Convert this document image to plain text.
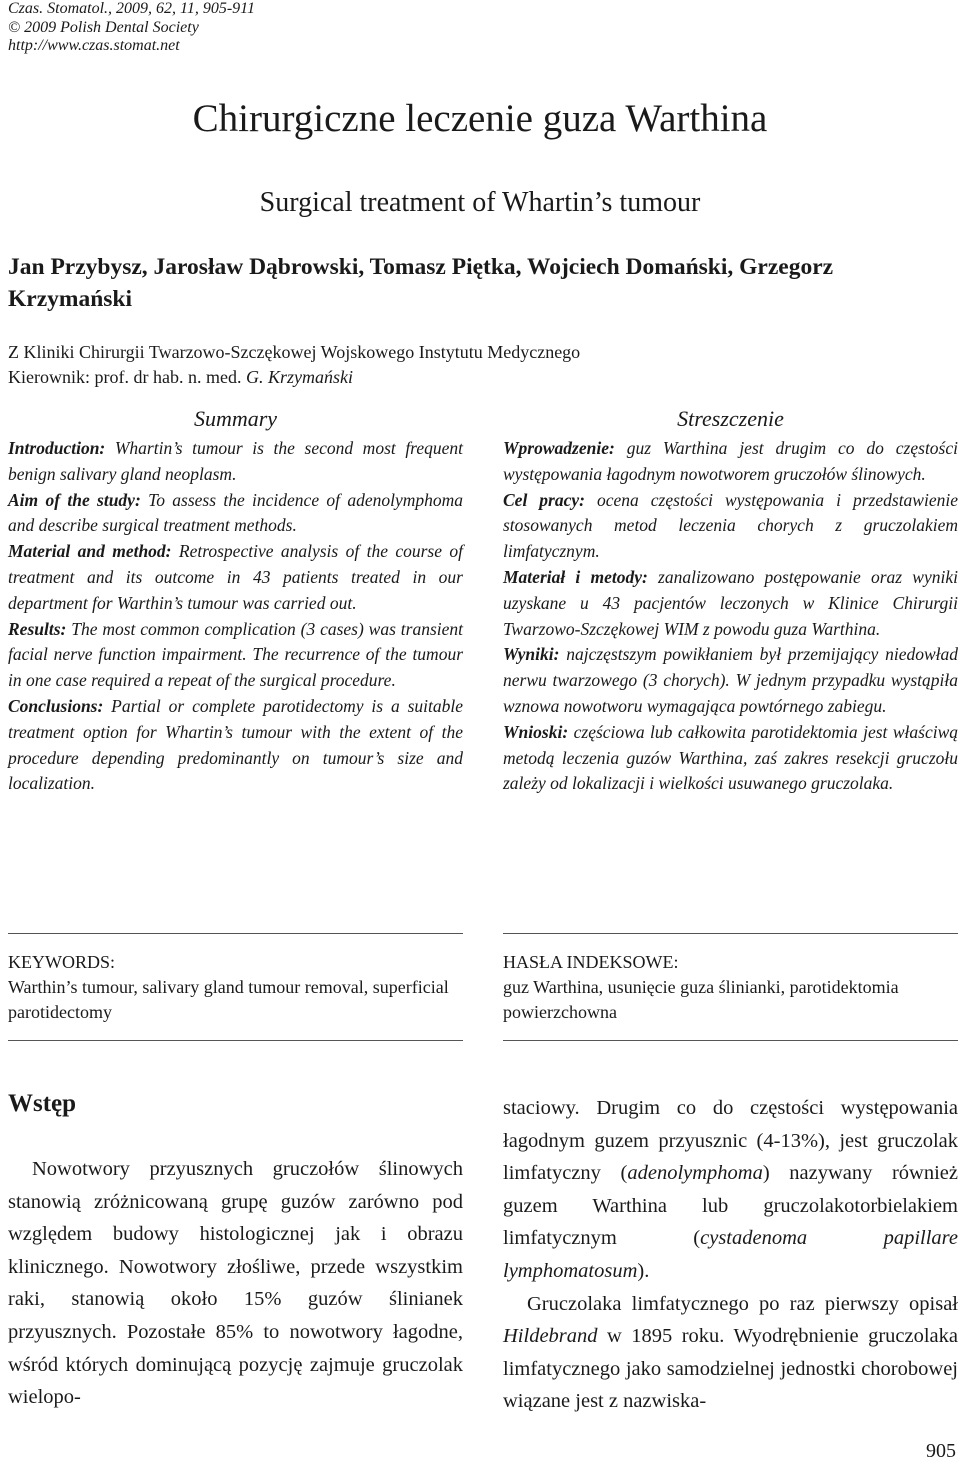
Czas. Stomatol., 2009, 62, 11, 905-911
© 2009 Polish Dental Society
http://www.czas.stomat.net
Chirurgiczne leczenie guza Warthina
Surgical treatment of Whartin’s tumour
Jan Przybysz, Jarosław Dąbrowski, Tomasz Piętka, Wojciech Domański, Grzegorz Krzymański
Z Kliniki Chirurgii Twarzowo-Szczękowej Wojskowego Instytutu Medycznego
Kierownik: prof. dr hab. n. med. G. Krzymański
Summary

Introduction: Whartin’s tumour is the second most frequent benign salivary gland neoplasm.

Aim of the study: To assess the incidence of adenolymphoma and describe surgical treatment methods.

Material and method: Retrospective analysis of the course of treatment and its outcome in 43 patients treated in our department for Warthin’s tumour was carried out.

Results: The most common complication (3 cases) was transient facial nerve function impairment. The recurrence of the tumour in one case required a repeat of the surgical procedure.

Conclusions: Partial or complete parotidectomy is a suitable treatment option for Whartin’s tumour with the extent of the procedure depending predominantly on tumour’s size and localization.

Streszczenie

Wprowadzenie: guz Warthina jest drugim co do częstości występowania łagodnym nowotworem gruczołów ślinowych.

Cel pracy: ocena częstości występowania i przedstawienie stosowanych metod leczenia chorych z gruczolakiem limfatycznym.

Materiał i metody: zanalizowano postępowanie oraz wyniki uzyskane u 43 pacjentów leczonych w Klinice Chirurgii Twarzowo-Szczękowej WIM z powodu guza Warthina.

Wyniki: najczęstszym powikłaniem był przemijający niedowład nerwu twarzowego (3 chorych). W jednym przypadku wystąpiła wznowa nowotworu wymagająca powtórnego zabiegu.

Wnioski: częściowa lub całkowita parotidektomia jest właściwą metodą leczenia guzów Warthina, zaś zakres resekcji gruczołu zależy od lokalizacji i wielkości usuwanego gruczolaka.

KEYWORDS:
Warthin’s tumour, salivary gland tumour removal, superficial parotidectomy
HASŁA INDEKSOWE:
guz Warthina, usunięcie guza ślinianki, parotidektomia powierzchowna
Wstęp

Nowotwory przyusznych gruczołów ślinowych stanowią zróżnicowaną grupę guzów zarówno pod względem budowy histologicznej jak i obrazu klinicznego. Nowotwory złośliwe, przede wszystkim raki, stanowią około 15% guzów ślinianek przyusznych. Pozostałe 85% to nowotwory łagodne, wśród których dominującą pozycję zajmuje gruczolak wielopo-

staciowy. Drugim co do częstości występowania łagodnym guzem przyusznic (4-13%), jest gruczolak limfatyczny (adenolymphoma) nazywany również guzem Warthina lub gruczolakotorbielakiem limfatycznym (cystadenoma papillare lymphomatosum).

Gruczolaka limfatycznego po raz pierwszy opisał Hildebrand w 1895 roku. Wyodrębnienie gruczolaka limfatycznego jako samodzielnej jednostki chorobowej wiązane jest z nazwiska-

905
